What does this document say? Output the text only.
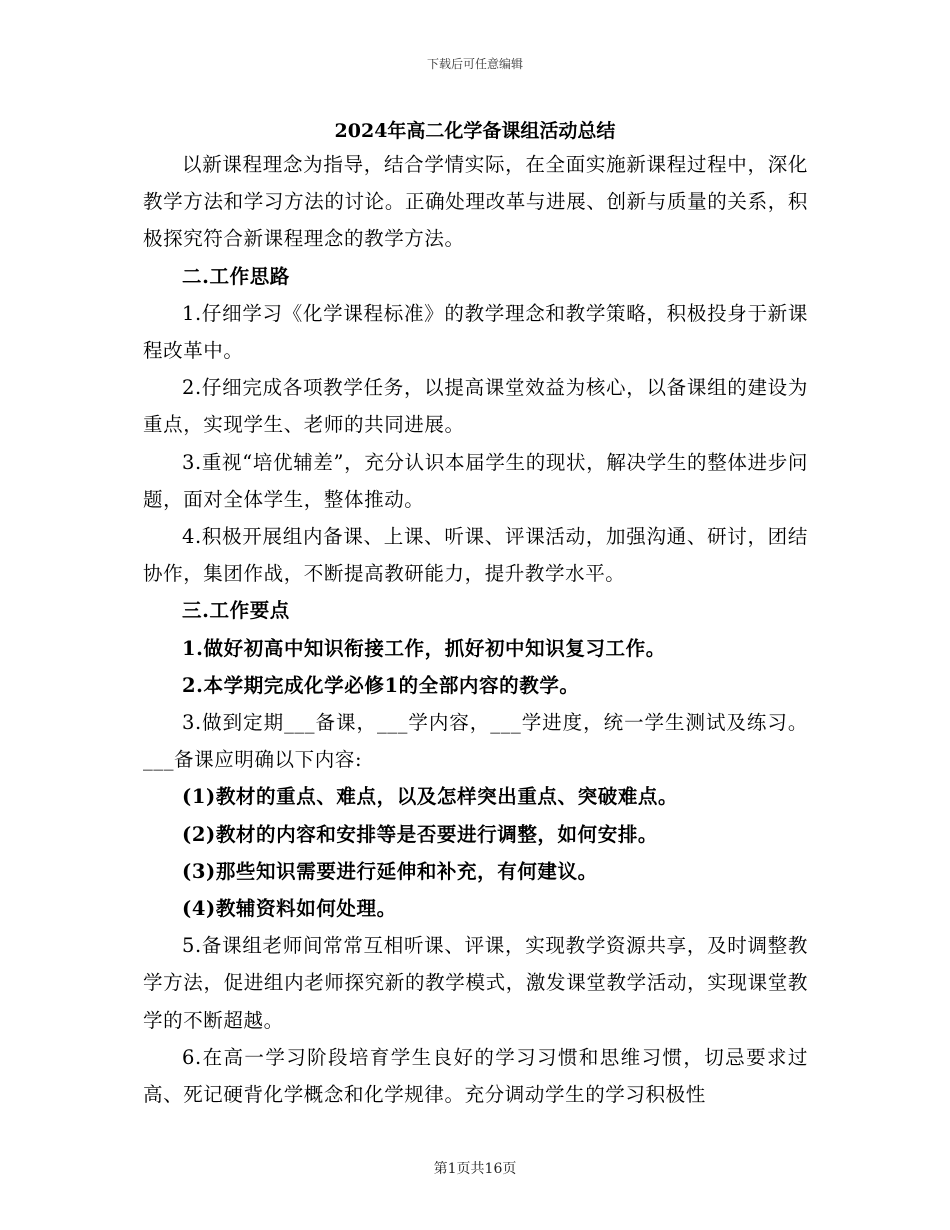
下载后可任意编辑
2024年高二化学备课组活动总结

以新课程理念为指导，结合学情实际，在全面实施新课程过程中，深化教学方法和学习方法的讨论。正确处理改革与进展、创新与质量的关系，积极探究符合新课程理念的教学方法。

二.工作思路

1.仔细学习《化学课程标准》的教学理念和教学策略，积极投身于新课程改革中。

2.仔细完成各项教学任务，以提高课堂效益为核心，以备课组的建设为重点，实现学生、老师的共同进展。

3.重视“培优辅差”，充分认识本届学生的现状，解决学生的整体进步问题，面对全体学生，整体推动。

4.积极开展组内备课、上课、听课、评课活动，加强沟通、研讨，团结协作，集团作战，不断提高教研能力，提升教学水平。

三.工作要点

1.做好初高中知识衔接工作，抓好初中知识复习工作。

2.本学期完成化学必修1的全部内容的教学。

3.做到定期___备课，___学内容，___学进度，统一学生测试及练习。___备课应明确以下内容:

(1)教材的重点、难点，以及怎样突出重点、突破难点。

(2)教材的内容和安排等是否要进行调整，如何安排。

(3)那些知识需要进行延伸和补充，有何建议。

(4)教辅资料如何处理。

5.备课组老师间常常互相听课、评课，实现教学资源共享，及时调整教学方法，促进组内老师探究新的教学模式，激发课堂教学活动，实现课堂教学的不断超越。

6.在高一学习阶段培育学生良好的学习习惯和思维习惯，切忌要求过高、死记硬背化学概念和化学规律。充分调动学生的学习积极性

第1页共16页
